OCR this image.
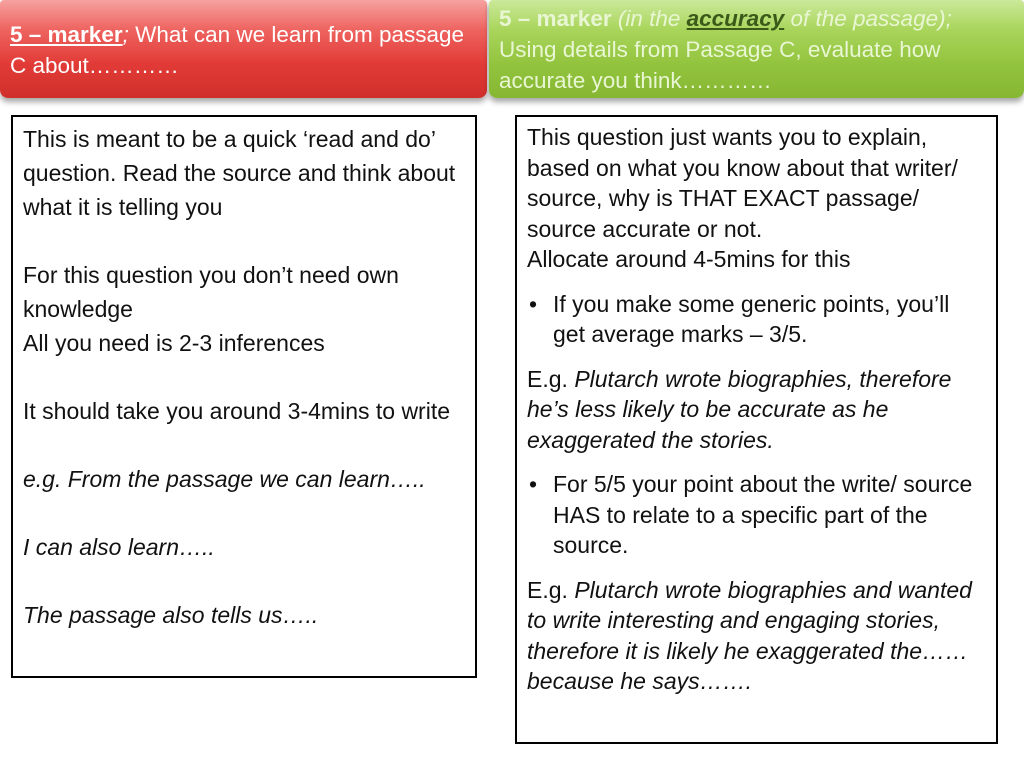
5 – marker; What can we learn from passage C about…………
5 – marker (in the accuracy of the passage);
Using details from Passage C, evaluate how accurate you think…………

This is meant to be a quick ‘read and do’ question. Read the source and think about what it is telling you

For this question you don’t need own knowledge

All you need is 2-3 inferences

It should take you around 3-4mins to write

e.g. From the passage we can learn…..

I can also learn…..

The passage also tells us…..

This question just wants you to explain, based on what you know about that writer/ source, why is THAT EXACT passage/ source accurate or not.

Allocate around 4-5mins for this

• If you make some generic points, you’ll get average marks – 3/5.

E.g. Plutarch wrote biographies, therefore he’s less likely to be accurate as he exaggerated the stories.

• For 5/5 your point about the write/ source HAS to relate to a specific part of the source.

E.g. Plutarch wrote biographies and wanted to write interesting and engaging stories, therefore it is likely he exaggerated the……because he says…….
